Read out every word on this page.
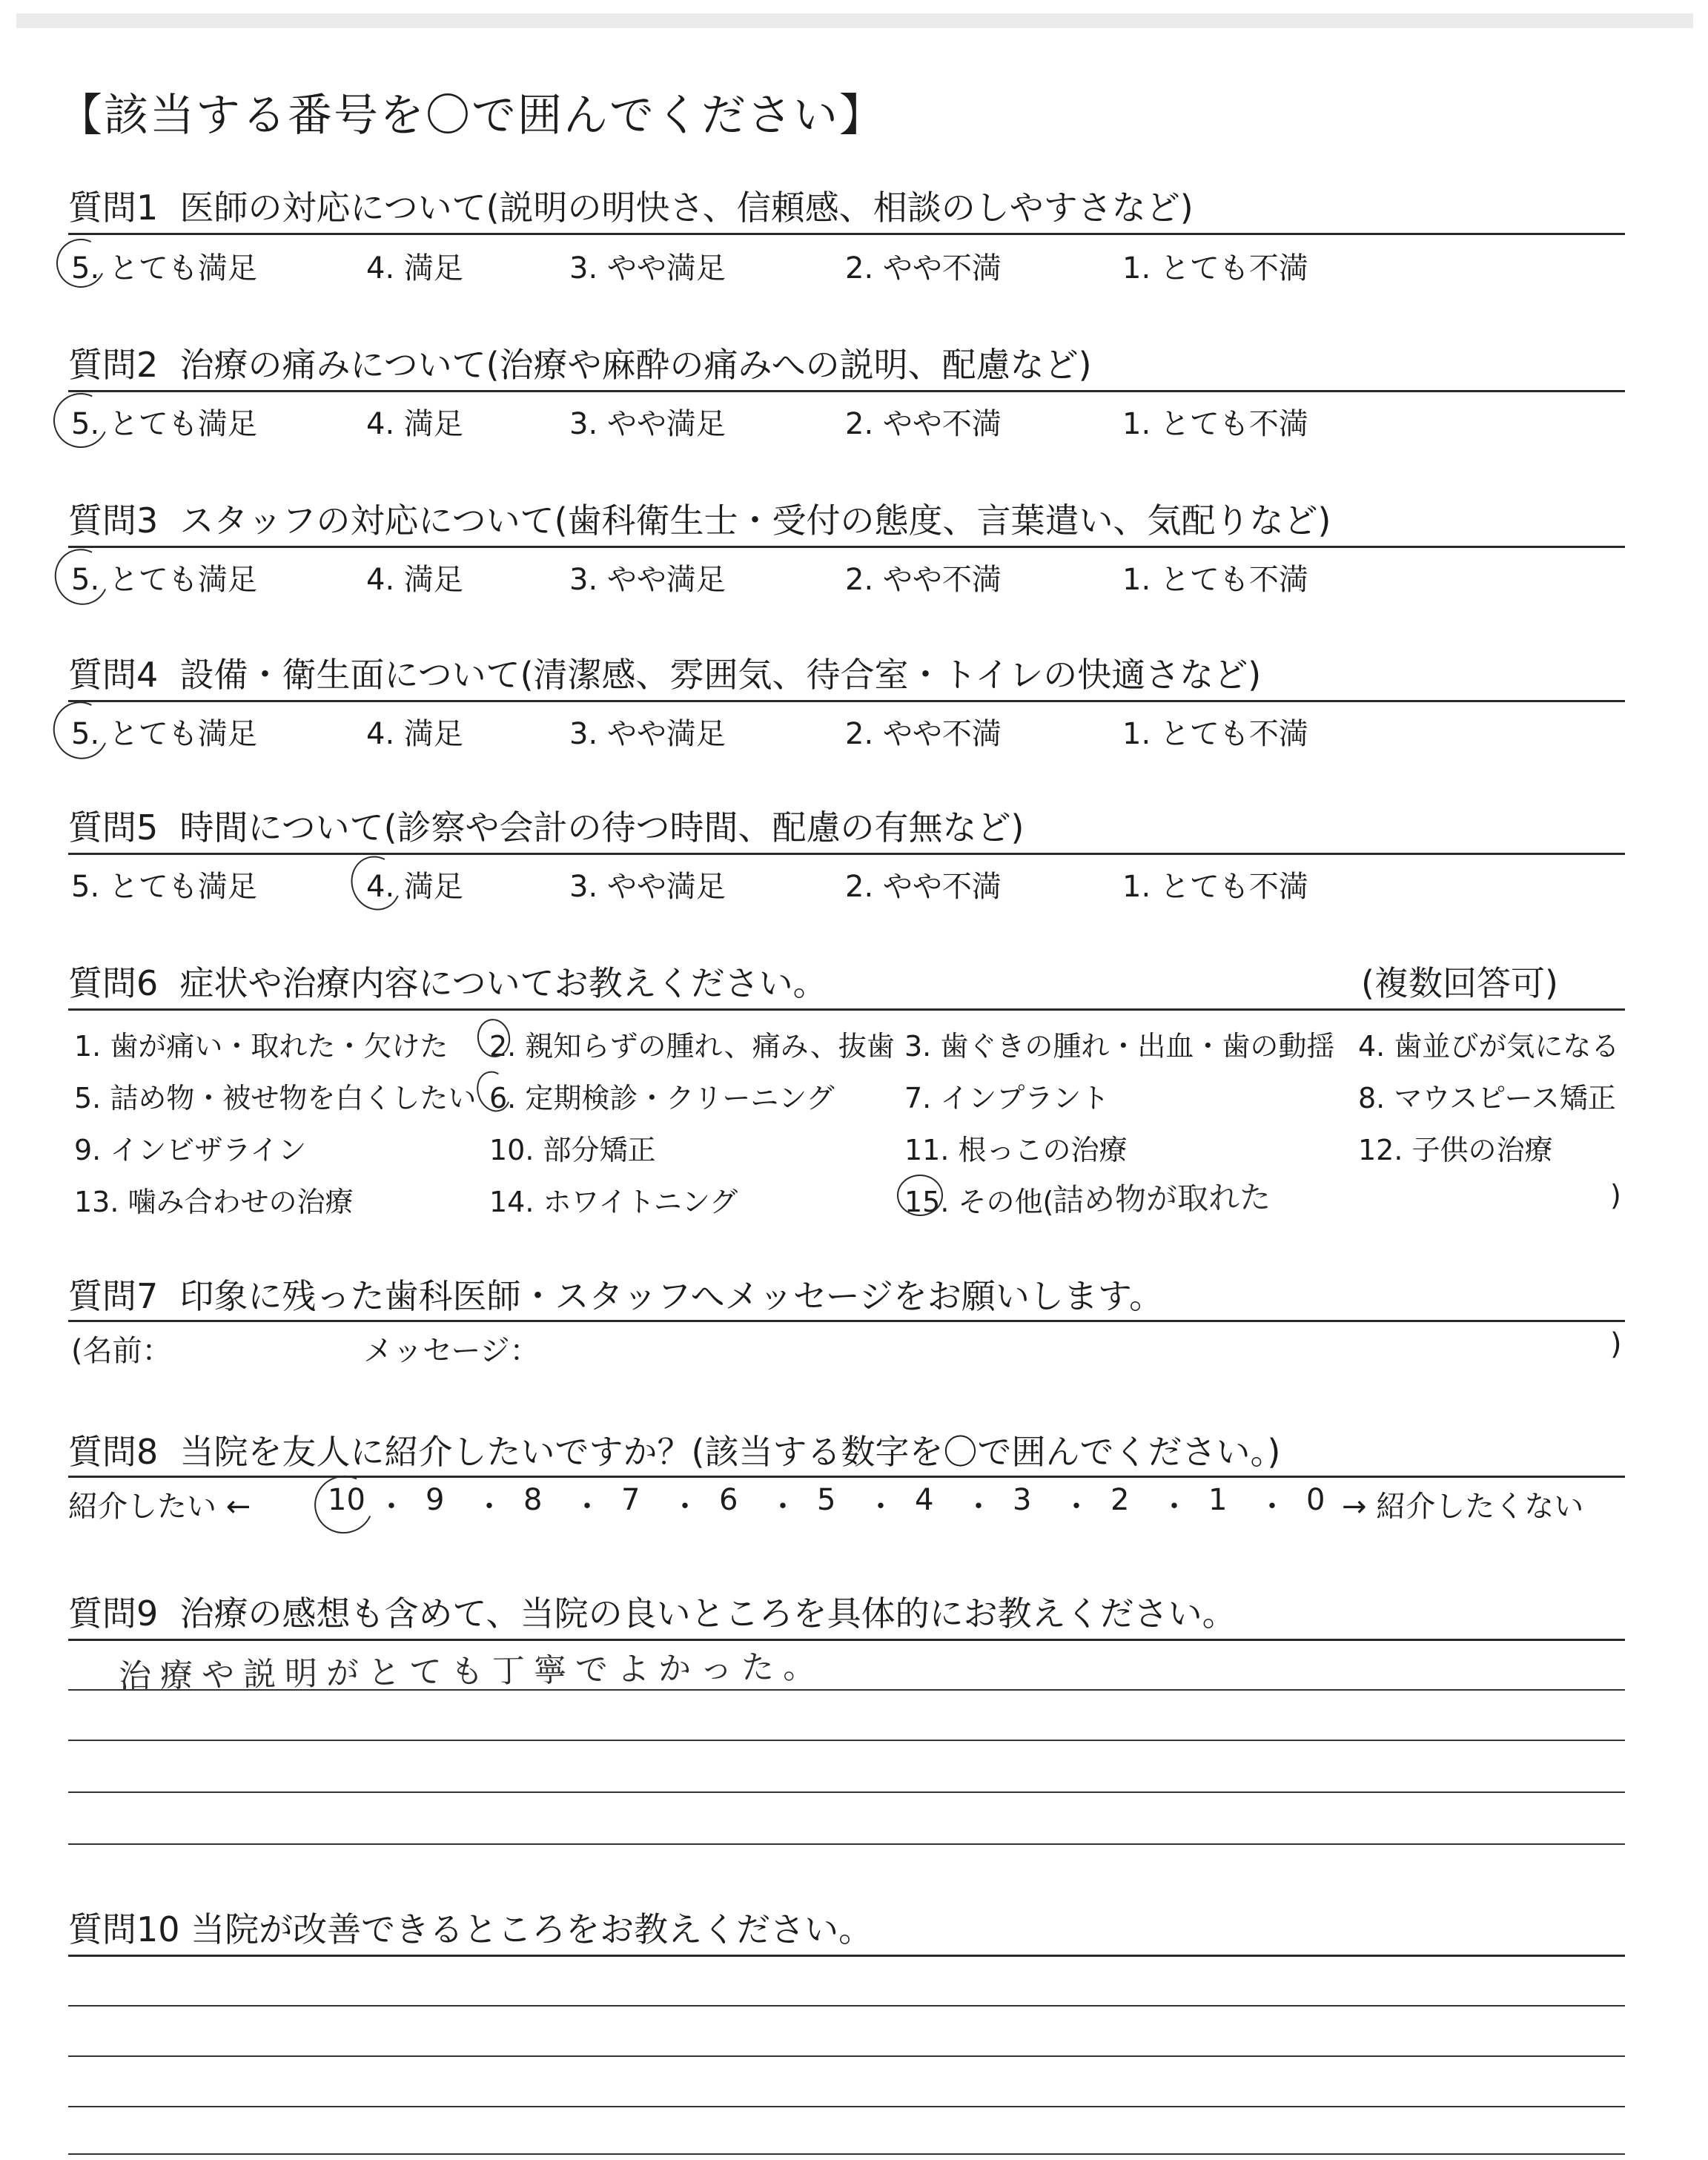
【該当する番号を〇で囲んでください】
質問1 医師の対応について(説明の明快さ、信頼感、相談のしやすさなど)
5. とても満足	4. 満足	3. やや満足	2. やや不満	1. とても不満
質問2 治療の痛みについて(治療や麻酔の痛みへの説明、配慮など)
5. とても満足	4. 満足	3. やや満足	2. やや不満	1. とても不満
質問3 スタッフの対応について(歯科衛生士・受付の態度、言葉遣い、気配りなど)
5. とても満足	4. 満足	3. やや満足	2. やや不満	1. とても不満
質問4 設備・衛生面について(清潔感、雰囲気、待合室・トイレの快適さなど)
5. とても満足	4. 満足	3. やや満足	2. やや不満	1. とても不満
質問5 時間について(診察や会計の待つ時間、配慮の有無など)
5. とても満足	4. 満足	3. やや満足	2. やや不満	1. とても不満
質問6 症状や治療内容についてお教えください。	(複数回答可)
1. 歯が痛い・取れた・欠けた 2. 親知らずの腫れ、痛み、抜歯 3. 歯ぐきの腫れ・出血・歯の動揺 4. 歯並びが気になる
5. 詰め物・被せ物を白くしたい 6. 定期検診・クリーニング 7. インプラント	8. マウスピース矯正
9. インビザライン	10. 部分矯正	11. 根っこの治療	12. 子供の治療
13. 噛み合わせの治療	14. ホワイトニング	15. その他(
詰め物が取れた	)
質問7 印象に残った歯科医師・スタッフへメッセージをお願いします。
(名前：	メッセージ：	)
質問8 当院を友人に紹介したいですか？(該当する数字を〇で囲んでください。)
紹介したい ←	→ 紹介したくない
10 ・ 9 ・ 8 ・ 7 ・ 6 ・ 5 ・ 4 ・ 3 ・ 2 ・ 1 ・ 0
質問9 治療の感想も含めて、当院の良いところを具体的にお教えください。
治療や説明がとても丁寧でよかった。
質問10 当院が改善できるところをお教えください。
